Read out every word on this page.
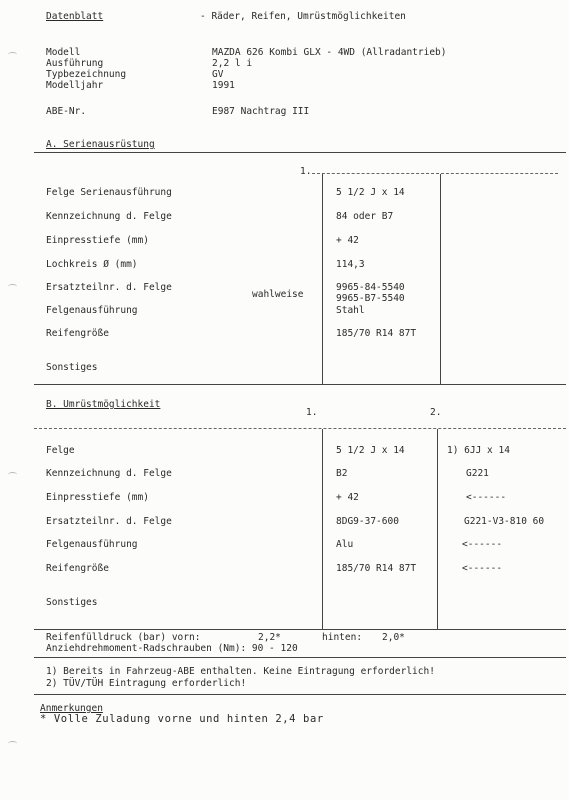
Datenblatt	- Räder, Reifen, Umrüstmöglichkeiten
Modell	MAZDA 626 Kombi GLX - 4WD (Allradantrieb)
Ausführung	2,2 l i
Typbezeichnung	GV
Modelljahr	1991
ABE-Nr.	E987 Nachtrag III
A. Serienausrüstung
1.
Felge Serienausführung	5 1/2 J x 14
Kennzeichnung d. Felge	84 oder B7
Einpresstiefe (mm)	+ 42
Lochkreis Ø (mm)	114,3
Ersatzteilnr. d. Felge	9965-84-5540
9965-B7-5540
wahlweise
Felgenausführung	Stahl
Reifengröße	185/70 R14 87T
Sonstiges
B. Umrüstmöglichkeit
1.	2.
Felge	5 1/2 J x 14	1) 6JJ x 14
Kennzeichnung d. Felge	B2	G221
Einpresstiefe (mm)	+ 42	<------
Ersatzteilnr. d. Felge	8DG9-37-600	G221-V3-810 60
Felgenausführung	Alu	<------
Reifengröße	185/70 R14 87T	<------
Sonstiges
Reifenfülldruck (bar) vorn:	2,2*	hinten: 2,0*
Anziehdrehmoment-Radschrauben (Nm): 90 - 120
1) Bereits in Fahrzeug-ABE enthalten. Keine Eintragung erforderlich!
2) TÜV/TÜH Eintragung erforderlich!
Anmerkungen
* Volle Zuladung vorne und hinten 2,4 bar
